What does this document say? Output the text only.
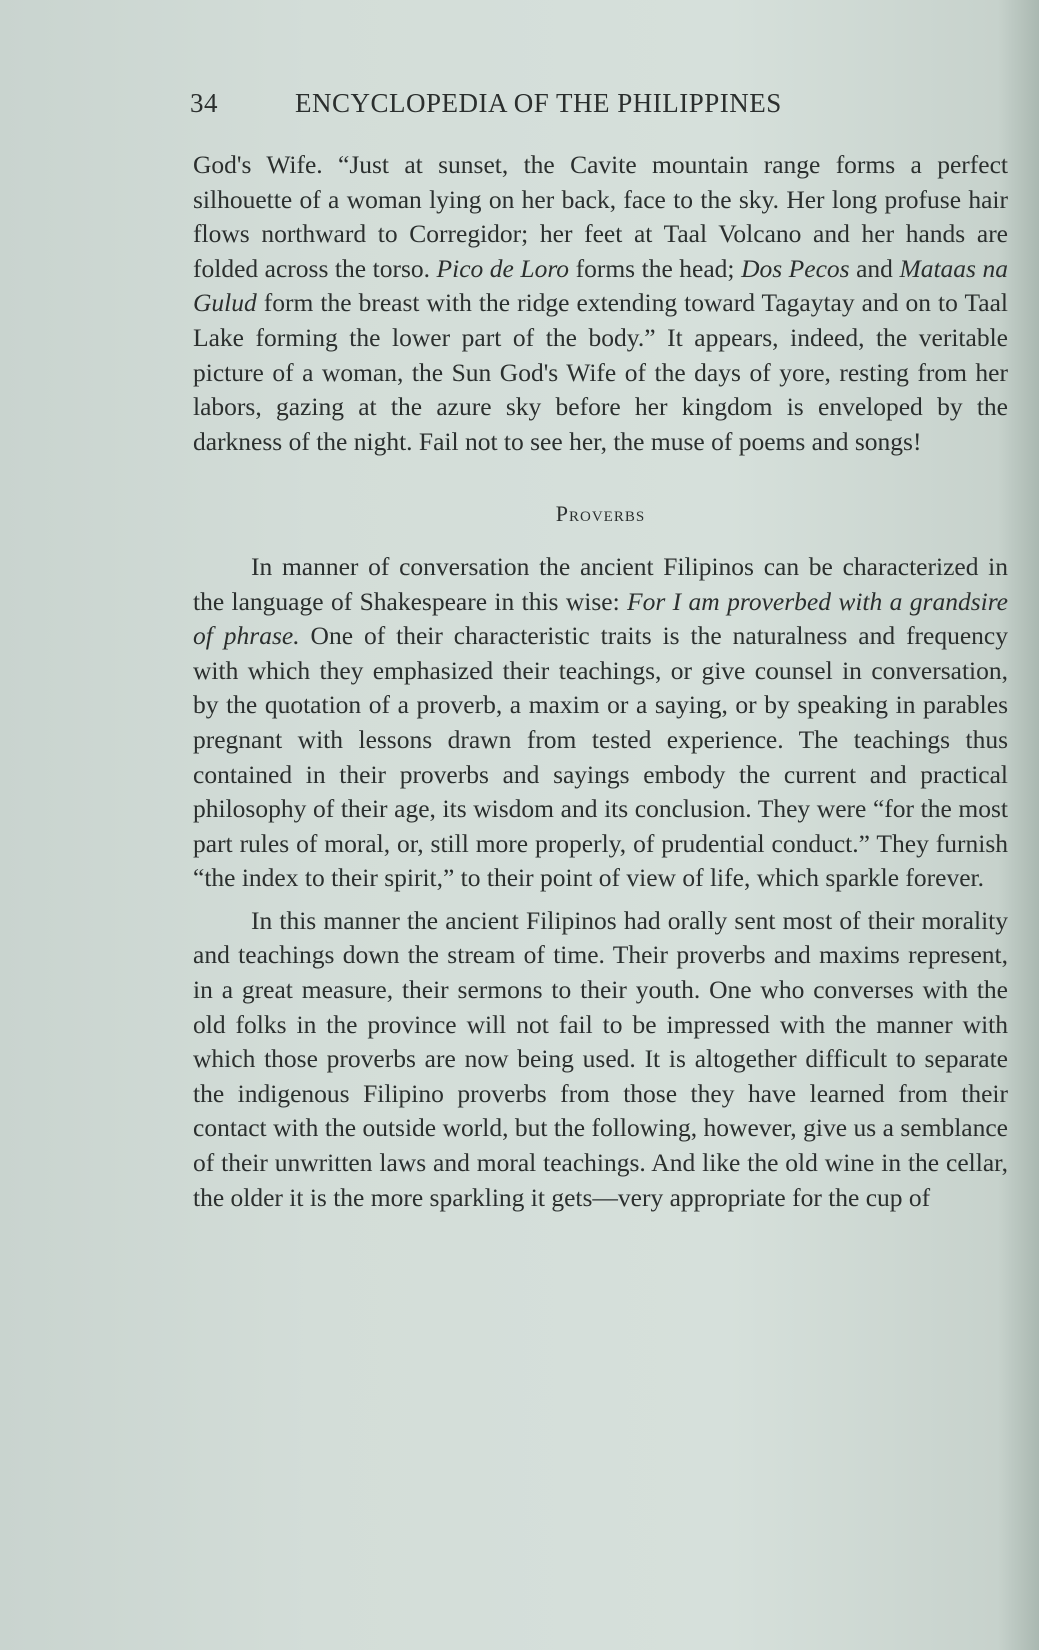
34	ENCYCLOPEDIA OF THE PHILIPPINES

God's Wife. “Just at sunset, the Cavite mountain range forms a perfect silhouette of a woman lying on her back, face to the sky. Her long profuse hair flows northward to Corregidor; her feet at Taal Volcano and her hands are folded across the torso. Pico de Loro forms the head; Dos Pecos and Mataas na Gulud form the breast with the ridge extending toward Tagaytay and on to Taal Lake forming the lower part of the body.” It appears, indeed, the veritable picture of a woman, the Sun God's Wife of the days of yore, resting from her labors, gazing at the azure sky before her kingdom is enveloped by the darkness of the night. Fail not to see her, the muse of poems and songs!

Proverbs

In manner of conversation the ancient Filipinos can be characterized in the language of Shakespeare in this wise: For I am proverbed with a grandsire of phrase. One of their characteristic traits is the naturalness and frequency with which they emphasized their teachings, or give counsel in conversation, by the quotation of a proverb, a maxim or a saying, or by speaking in parables pregnant with lessons drawn from tested experience. The teachings thus contained in their proverbs and sayings embody the current and practical philosophy of their age, its wisdom and its conclusion. They were “for the most part rules of moral, or, still more properly, of prudential conduct.” They furnish “the index to their spirit,” to their point of view of life, which sparkle forever.

In this manner the ancient Filipinos had orally sent most of their morality and teachings down the stream of time. Their proverbs and maxims represent, in a great measure, their sermons to their youth. One who converses with the old folks in the province will not fail to be impressed with the manner with which those proverbs are now being used. It is altogether difficult to separate the indigenous Filipino proverbs from those they have learned from their contact with the outside world, but the following, however, give us a semblance of their unwritten laws and moral teachings. And like the old wine in the cellar, the older it is the more sparkling it gets—very appropriate for the cup of
